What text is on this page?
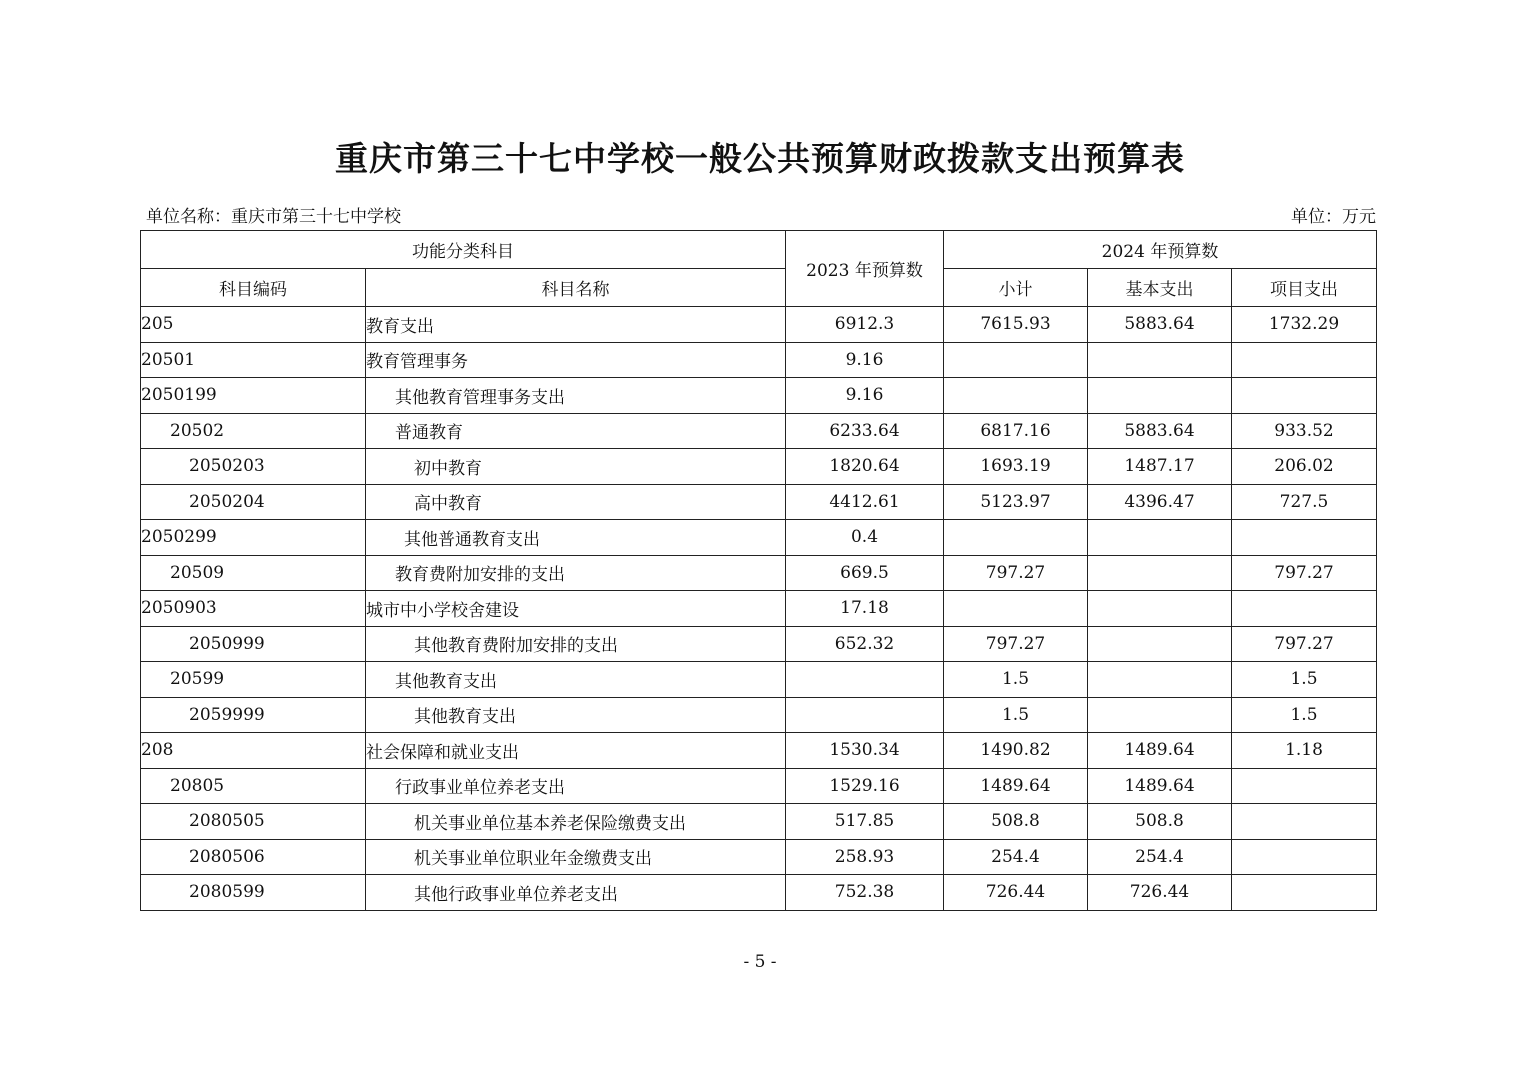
重庆市第三十七中学校一般公共预算财政拨款支出预算表
单位名称：重庆市第三十七中学校	单位：万元
功能分类科目		2023 年预算数	2024 年预算数		
科目编码	科目名称		小计	基本支出	项目支出
205	教育支出	6912.3	7615.93	5883.64	1732.29
20501	教育管理事务	9.16			
2050199	其他教育管理事务支出	9.16			
20502	普通教育	6233.64	6817.16	5883.64	933.52
2050203	初中教育	1820.64	1693.19	1487.17	206.02
2050204	高中教育	4412.61	5123.97	4396.47	727.5
2050299	其他普通教育支出	0.4			
20509	教育费附加安排的支出	669.5	797.27		797.27
2050903	城市中小学校舍建设	17.18			
2050999	其他教育费附加安排的支出	652.32	797.27		797.27
20599	其他教育支出		1.5		1.5
2059999	其他教育支出		1.5		1.5
208	社会保障和就业支出	1530.34	1490.82	1489.64	1.18
20805	行政事业单位养老支出	1529.16	1489.64	1489.64	
2080505	机关事业单位基本养老保险缴费支出	517.85	508.8	508.8	
2080506	机关事业单位职业年金缴费支出	258.93	254.4	254.4	
2080599	其他行政事业单位养老支出	752.38	726.44	726.44	
- 5 -
